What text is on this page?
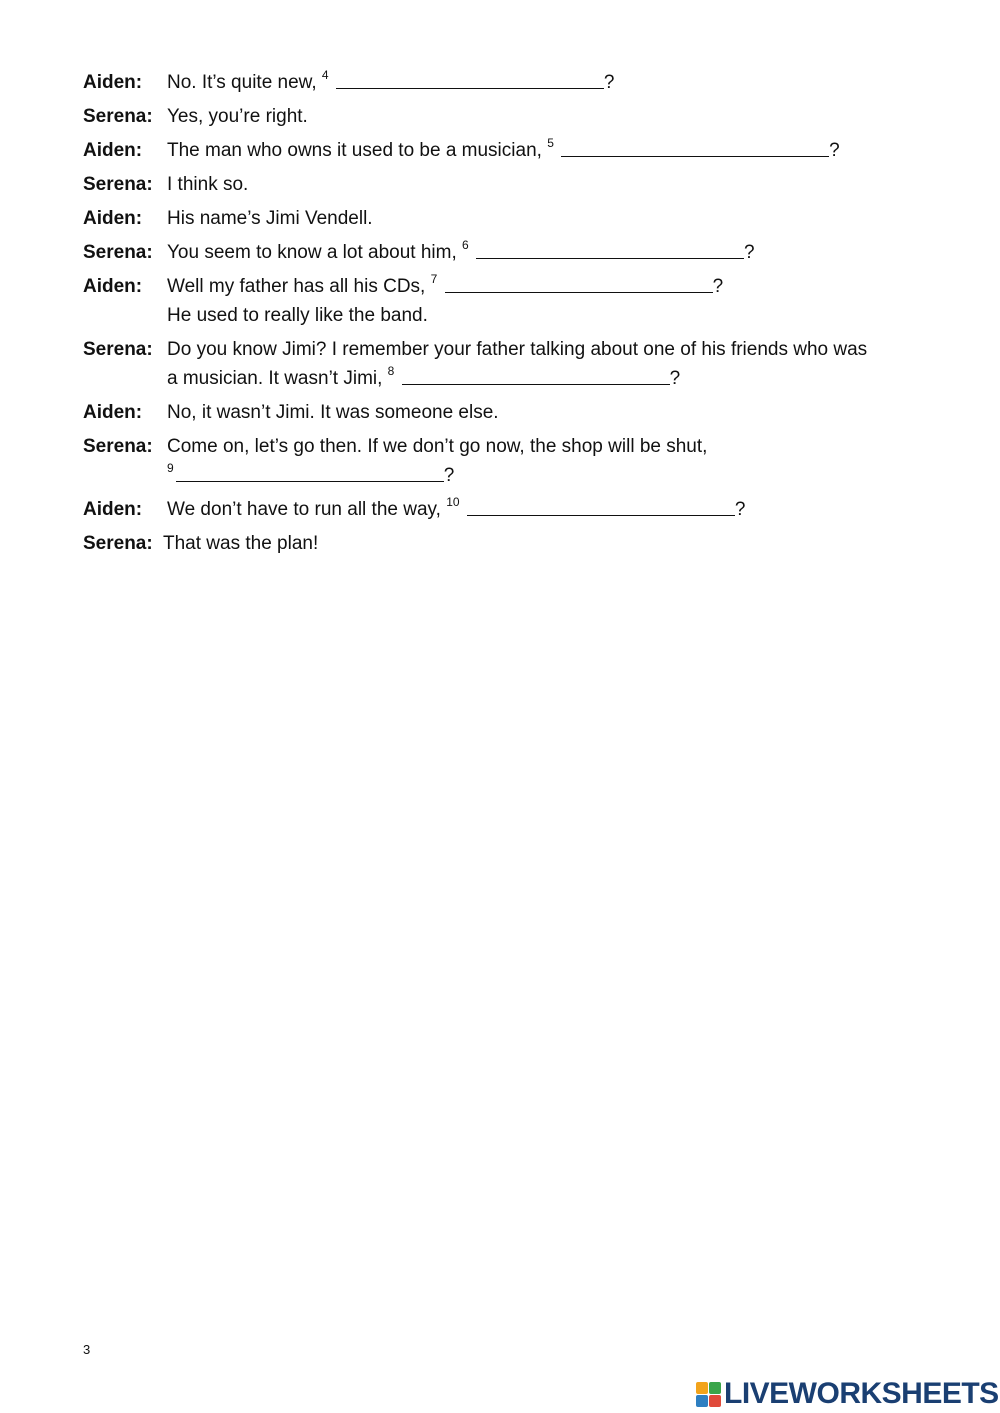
Aiden: No. It’s quite new, $^4$	?
Serena: Yes, you’re right.
Aiden: The man who owns it used to be a musician, $^5$	?
Serena: I think so.
Aiden: His name’s Jimi Vendell.
Serena: You seem to know a lot about him, $^6$	?
Aiden: Well my father has all his CDs, $^7$	?
He used to really like the band.
Serena: Do you know Jimi? I remember your father talking about one of his friends who was
a musician. It wasn’t Jimi, $^8$	?
Aiden: No, it wasn’t Jimi. It was someone else.
Serena: Come on, let’s go then. If we don’t go now, the shop will be shut,
$^9$	?
Aiden: We don’t have to run all the way, $^{10}$	?
Serena: That was the plan!
3
LIVEWORKSHEETS
